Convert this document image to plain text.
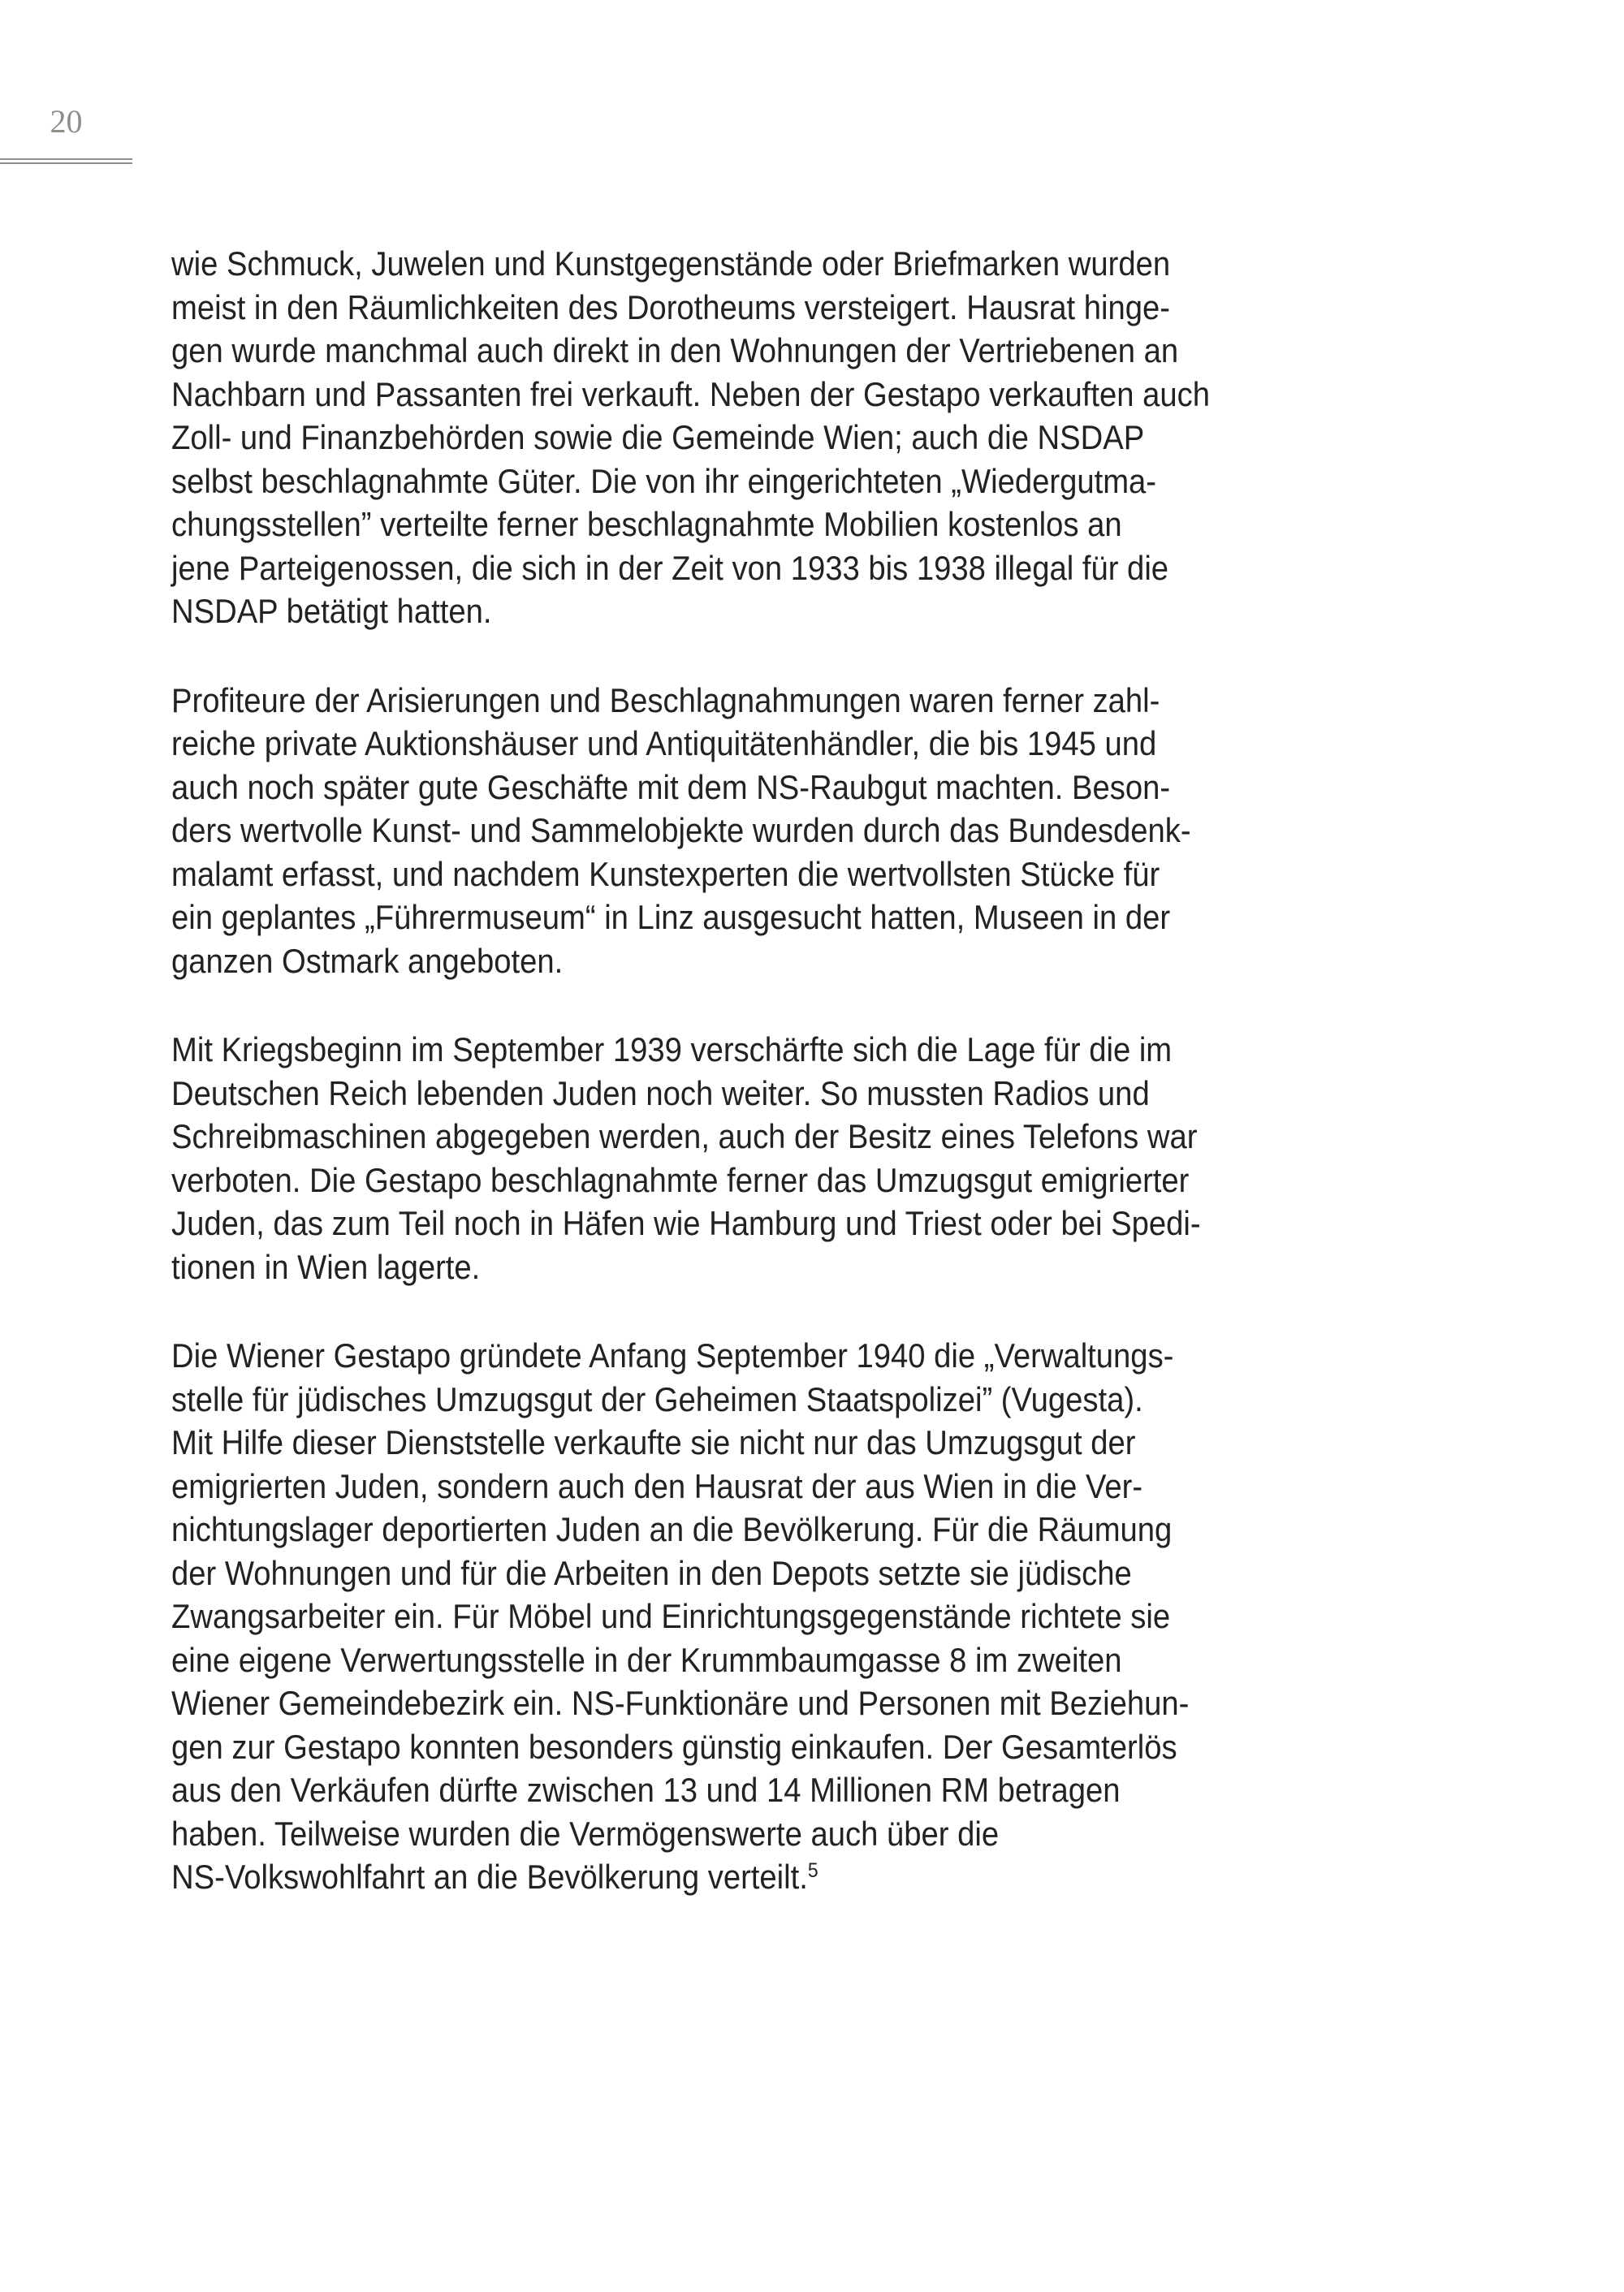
20
wie Schmuck, Juwelen und Kunstgegenstände oder Briefmarken wurden
meist in den Räumlichkeiten des Dorotheums versteigert. Hausrat hinge-
gen wurde manchmal auch direkt in den Wohnungen der Vertriebenen an
Nachbarn und Passanten frei verkauft. Neben der Gestapo verkauften auch
Zoll- und Finanzbehörden sowie die Gemeinde Wien; auch die NSDAP
selbst beschlagnahmte Güter. Die von ihr eingerichteten „Wiedergutma-
chungsstellen” verteilte ferner beschlagnahmte Mobilien kostenlos an
jene Parteigenossen, die sich in der Zeit von 1933 bis 1938 illegal für die
NSDAP betätigt hatten.
Profiteure der Arisierungen und Beschlagnahmungen waren ferner zahl-
reiche private Auktionshäuser und Antiquitätenhändler, die bis 1945 und
auch noch später gute Geschäfte mit dem NS-Raubgut machten. Beson-
ders wertvolle Kunst- und Sammelobjekte wurden durch das Bundesdenk-
malamt erfasst, und nachdem Kunstexperten die wertvollsten Stücke für
ein geplantes „Führermuseum“ in Linz ausgesucht hatten, Museen in der
ganzen Ostmark angeboten.
Mit Kriegsbeginn im September 1939 verschärfte sich die Lage für die im
Deutschen Reich lebenden Juden noch weiter. So mussten Radios und
Schreibmaschinen abgegeben werden, auch der Besitz eines Telefons war
verboten. Die Gestapo beschlagnahmte ferner das Umzugsgut emigrierter
Juden, das zum Teil noch in Häfen wie Hamburg und Triest oder bei Spedi-
tionen in Wien lagerte.
Die Wiener Gestapo gründete Anfang September 1940 die „Verwaltungs-
stelle für jüdisches Umzugsgut der Geheimen Staatspolizei” (Vugesta).
Mit Hilfe dieser Dienststelle verkaufte sie nicht nur das Umzugsgut der
emigrierten Juden, sondern auch den Hausrat der aus Wien in die Ver-
nichtungslager deportierten Juden an die Bevölkerung. Für die Räumung
der Wohnungen und für die Arbeiten in den Depots setzte sie jüdische
Zwangsarbeiter ein. Für Möbel und Einrichtungsgegenstände richtete sie
eine eigene Verwertungsstelle in der Krummbaumgasse 8 im zweiten
Wiener Gemeindebezirk ein. NS-Funktionäre und Personen mit Beziehun-
gen zur Gestapo konnten besonders günstig einkaufen. Der Gesamterlös
aus den Verkäufen dürfte zwischen 13 und 14 Millionen RM betragen
haben. Teilweise wurden die Vermögenswerte auch über die
NS-Volkswohlfahrt an die Bevölkerung verteilt.$^5$
